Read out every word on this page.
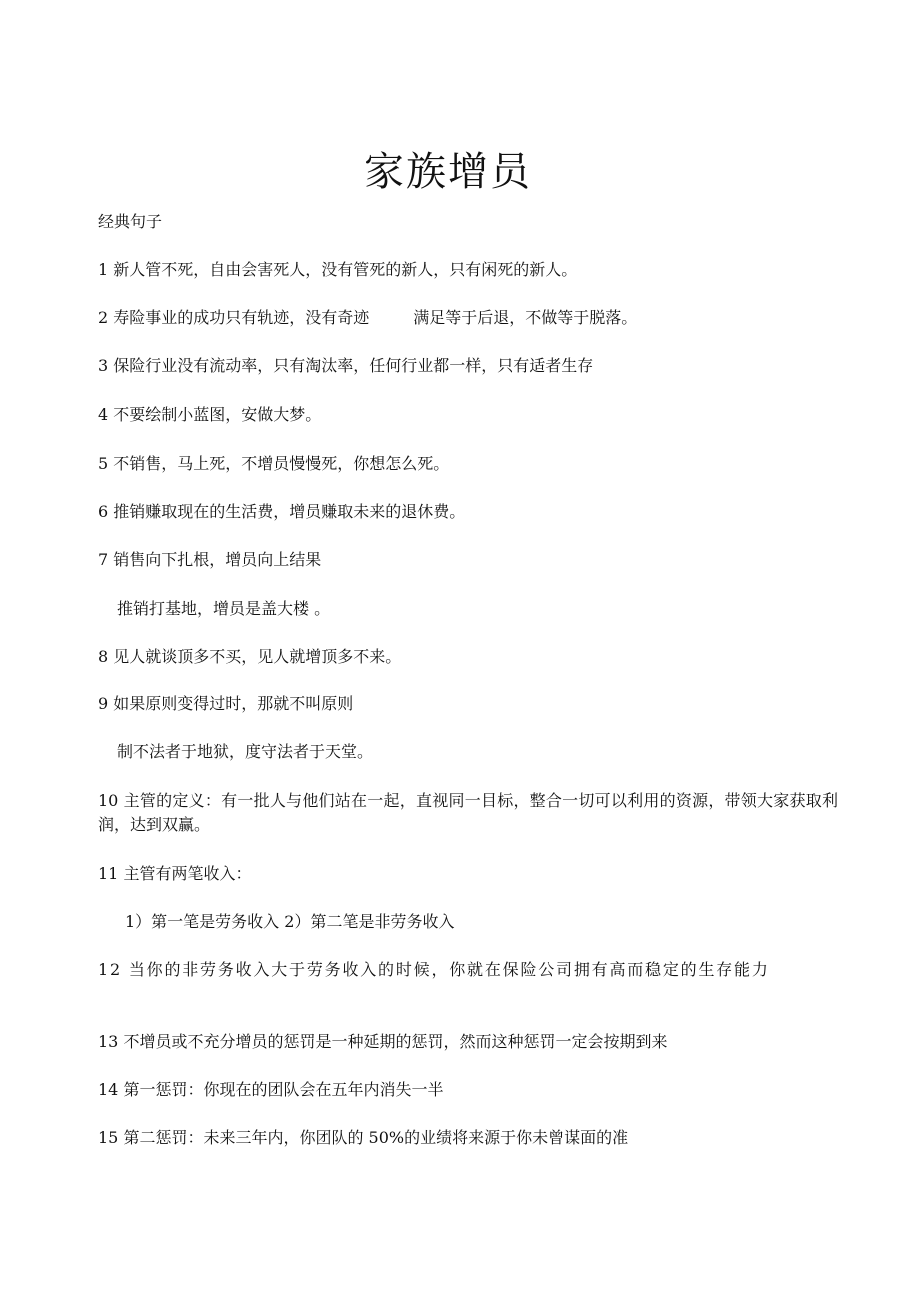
家族增员
经典句子
1 新人管不死，自由会害死人，没有管死的新人，只有闲死的新人。
2 寿险事业的成功只有轨迹，没有奇迹	满足等于后退，不做等于脱落。
3 保险行业没有流动率，只有淘汰率，任何行业都一样，只有适者生存
4 不要绘制小蓝图，安做大梦。
5 不销售，马上死，不增员慢慢死，你想怎么死。
6 推销赚取现在的生活费，增员赚取未来的退休费。
7 销售向下扎根，增员向上结果
推销打基地，增员是盖大楼 。
8 见人就谈顶多不买，见人就增顶多不来。
9 如果原则变得过时，那就不叫原则
制不法者于地狱，度守法者于天堂。
10 主管的定义：有一批人与他们站在一起，直视同一目标，整合一切可以利用的资源，带领大家获取利润，达到双赢。
11 主管有两笔收入：
1）第一笔是劳务收入 2）第二笔是非劳务收入
12 当你的非劳务收入大于劳务收入的时候，你就在保险公司拥有高而稳定的生存能力
13 不增员或不充分增员的惩罚是一种延期的惩罚，然而这种惩罚一定会按期到来
14 第一惩罚：你现在的团队会在五年内消失一半
15 第二惩罚：未来三年内，你团队的 50%的业绩将来源于你未曾谋面的准
